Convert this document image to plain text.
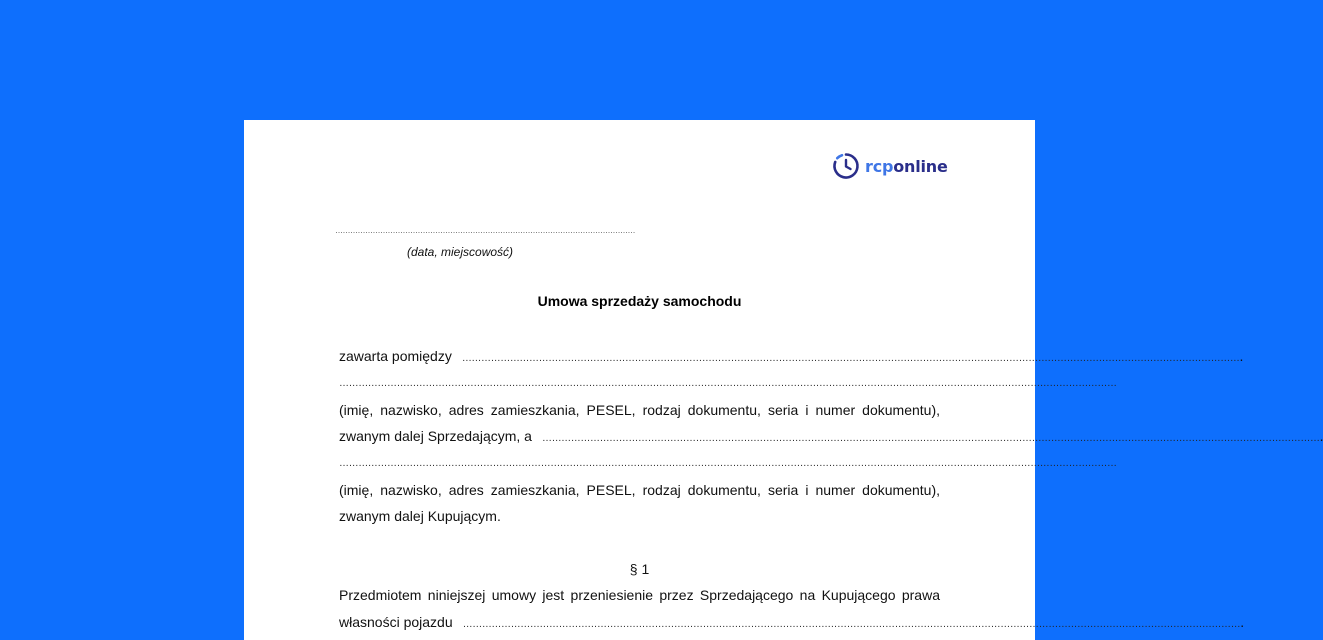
rcponline
…………………………………………………………………………………………………………
(data, miejscowość)
Umowa sprzedaży samochodu
zawarta pomiędzy ……………………………………………………………………………………………………………………………………………………………………………………………………………………… .
………………………………………………………………………………………………………………………………………………………………………………………………………………………
(imię, nazwisko, adres zamieszkania, PESEL, rodzaj dokumentu, seria i numer dokumentu),
zwanym dalej Sprzedającym, a ………………………………………………………………………………………………………………………………………………………………………………………………………………………
………………………………………………………………………………………………………………………………………………………………………………………………………………………
(imię, nazwisko, adres zamieszkania, PESEL, rodzaj dokumentu, seria i numer dokumentu),
zwanym dalej Kupującym.
§ 1
Przedmiotem niniejszej umowy jest przeniesienie przez Sprzedającego na Kupującego prawa
własności pojazdu ……………………………………………………………………………………………………………………………………………………………………………………………………………………… .
